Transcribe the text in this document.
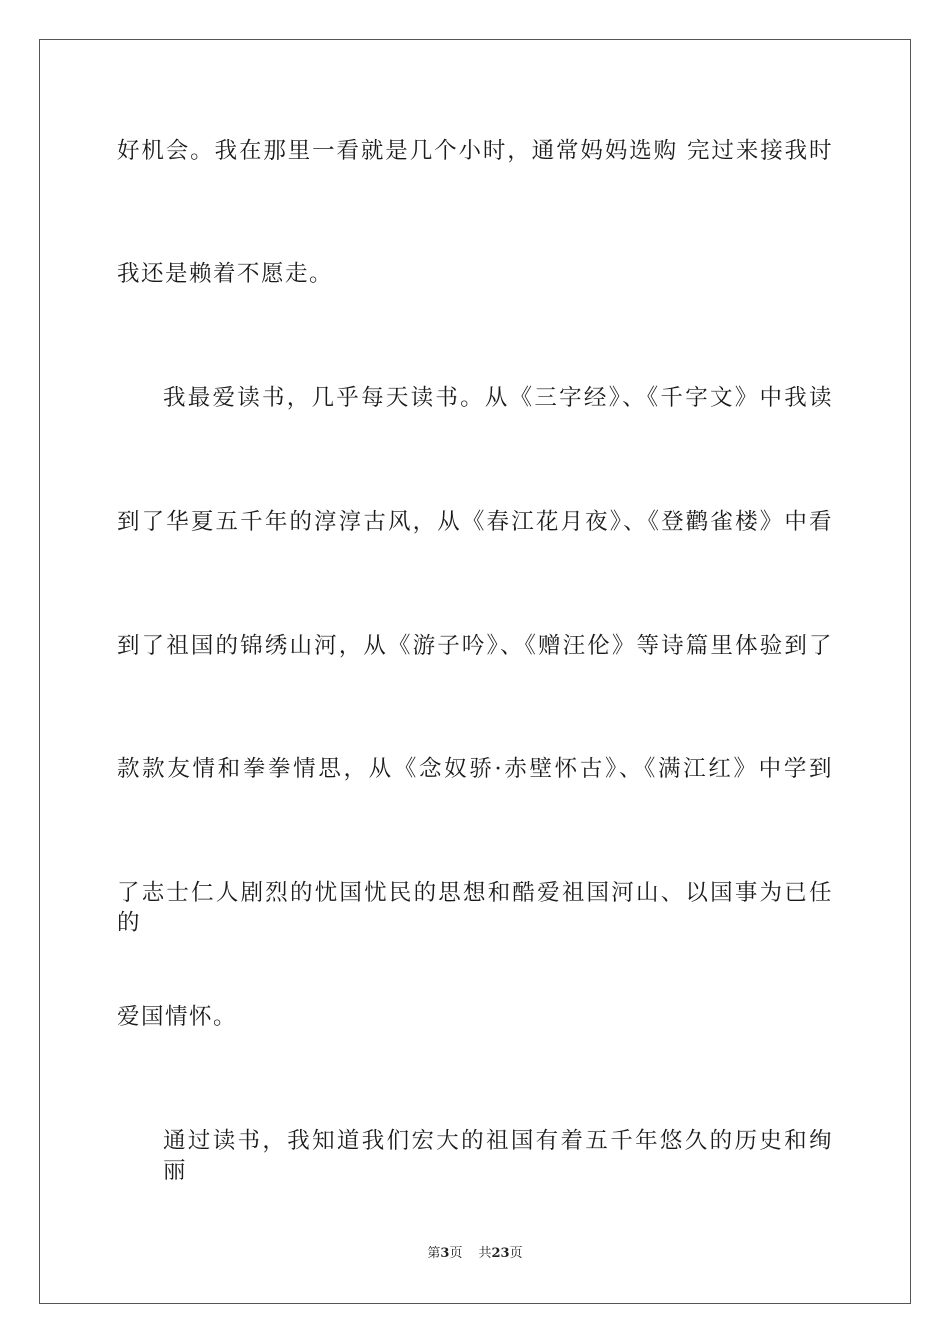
好机会。我在那里一看就是几个小时，通常妈妈选购 完过来接我时
我还是赖着不愿走。
我最爱读书，几乎每天读书。从《三字经》、《千字文》中我读
到了华夏五千年的淳淳古风，从《春江花月夜》、《登鹳雀楼》中看
到了祖国的锦绣山河，从《游子吟》、《赠汪伦》等诗篇里体验到了
款款友情和拳拳情思，从《念奴骄·赤壁怀古》、《满江红》中学到
了志士仁人剧烈的忧国忧民的思想和酷爱祖国河山、以国事为已任的
爱国情怀。
通过读书，我知道我们宏大的祖国有着五千年悠久的历史和绚丽
第3页 共23页
